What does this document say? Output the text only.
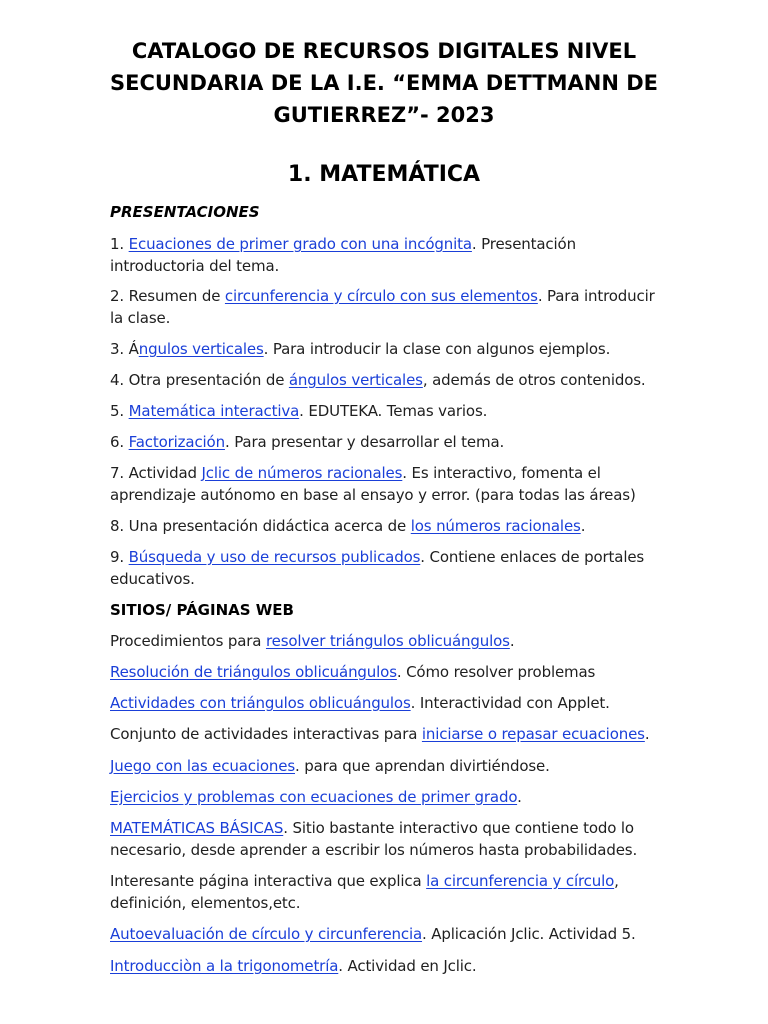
CATALOGO DE RECURSOS DIGITALES NIVEL
SECUNDARIA DE LA I.E. “EMMA DETTMANN DE
GUTIERREZ”- 2023
1. MATEMÁTICA

PRESENTACIONES

1. Ecuaciones de primer grado con una incógnita. Presentación introductoria del tema.

2. Resumen de circunferencia y círculo con sus elementos. Para introducir la clase.

3. Ángulos verticales. Para introducir la clase con algunos ejemplos.

4. Otra presentación de ángulos verticales, además de otros contenidos.

5. Matemática interactiva. EDUTEKA. Temas varios.

6. Factorización. Para presentar y desarrollar el tema.

7. Actividad Jclic de números racionales. Es interactivo, fomenta el aprendizaje autónomo en base al ensayo y error. (para todas las áreas)

8. Una presentación didáctica acerca de los números racionales.

9. Búsqueda y uso de recursos publicados. Contiene enlaces de portales educativos.

SITIOS/ PÁGINAS WEB

Procedimientos para resolver triángulos oblicuángulos.

Resolución de triángulos oblicuángulos. Cómo resolver problemas

Actividades con triángulos oblicuángulos. Interactividad con Applet.

Conjunto de actividades interactivas para iniciarse o repasar ecuaciones.

Juego con las ecuaciones. para que aprendan divirtiéndose.

Ejercicios y problemas con ecuaciones de primer grado.

MATEMÁTICAS BÁSICAS. Sitio bastante interactivo que contiene todo lo necesario, desde aprender a escribir los números hasta probabilidades.

Interesante página interactiva que explica la circunferencia y círculo, definición, elementos,etc.

Autoevaluación de círculo y circunferencia. Aplicación Jclic. Actividad 5.

Introducciòn a la trigonometría. Actividad en Jclic.
